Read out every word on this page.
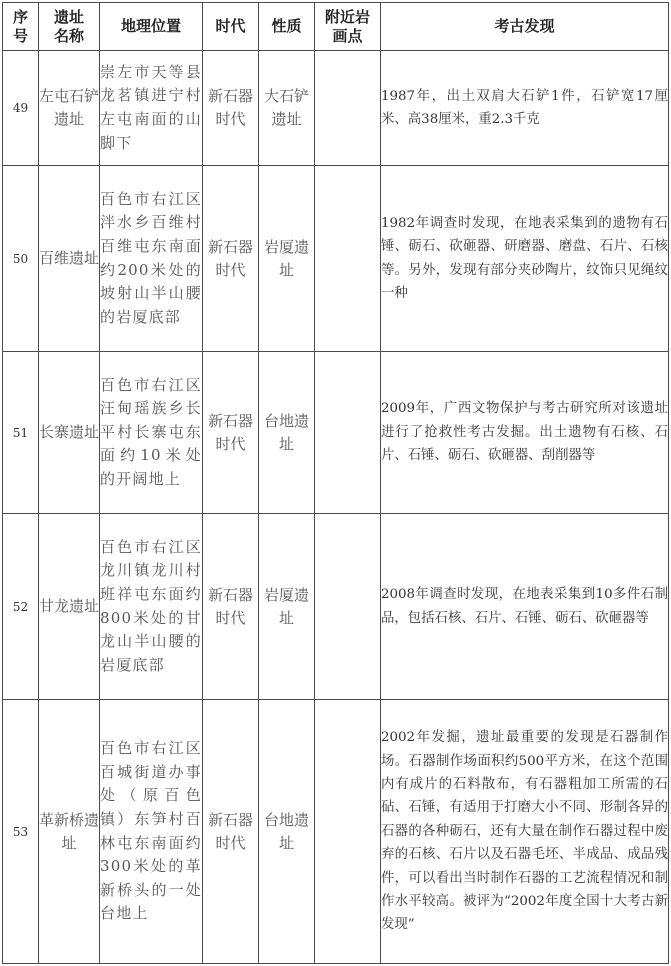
序号	遗址名称	地理位置	时代	性质	附近岩画点	考古发现
49	左屯石铲遗址	崇左市天等县龙茗镇进宁村左屯南面的山脚下	新石器时代	大石铲遗址		1987年，出土双肩大石铲1件，石铲宽17厘米、高38厘米，重2.3千克
50	百维遗址	百色市右江区泮水乡百维村百维屯东南面约200米处的坡射山半山腰的岩厦底部	新石器时代	岩厦遗址		1982年调查时发现，在地表采集到的遗物有石锤、砺石、砍砸器、研磨器、磨盘、石片、石核等。另外，发现有部分夹砂陶片，纹饰只见绳纹一种
51	长寨遗址	百色市右江区汪甸瑶族乡长平村长寨屯东面约10米处的开阔地上	新石器时代	台地遗址		2009年，广西文物保护与考古研究所对该遗址进行了抢救性考古发掘。出土遗物有石核、石片、石锤、砺石、砍砸器、刮削器等
52	甘龙遗址	百色市右江区龙川镇龙川村班祥屯东面约800米处的甘龙山半山腰的岩厦底部	新石器时代	岩厦遗址		2008年调查时发现，在地表采集到10多件石制品，包括石核、石片、石锤、砺石、砍砸器等
53	革新桥遗址	百色市右江区百城街道办事处（原百色镇）东笋村百林屯东南面约300米处的革新桥头的一处台地上	新石器时代	台地遗址		2002年发掘，遗址最重要的发现是石器制作场。石器制作场面积约500平方米，在这个范围内有成片的石料散布，有石器粗加工所需的石砧、石锤，有适用于打磨大小不同、形制各异的石器的各种砺石，还有大量在制作石器过程中废弃的石核、石片以及石器毛坯、半成品、成品残件，可以看出当时制作石器的工艺流程情况和制作水平较高。被评为“2002年度全国十大考古新发现”
